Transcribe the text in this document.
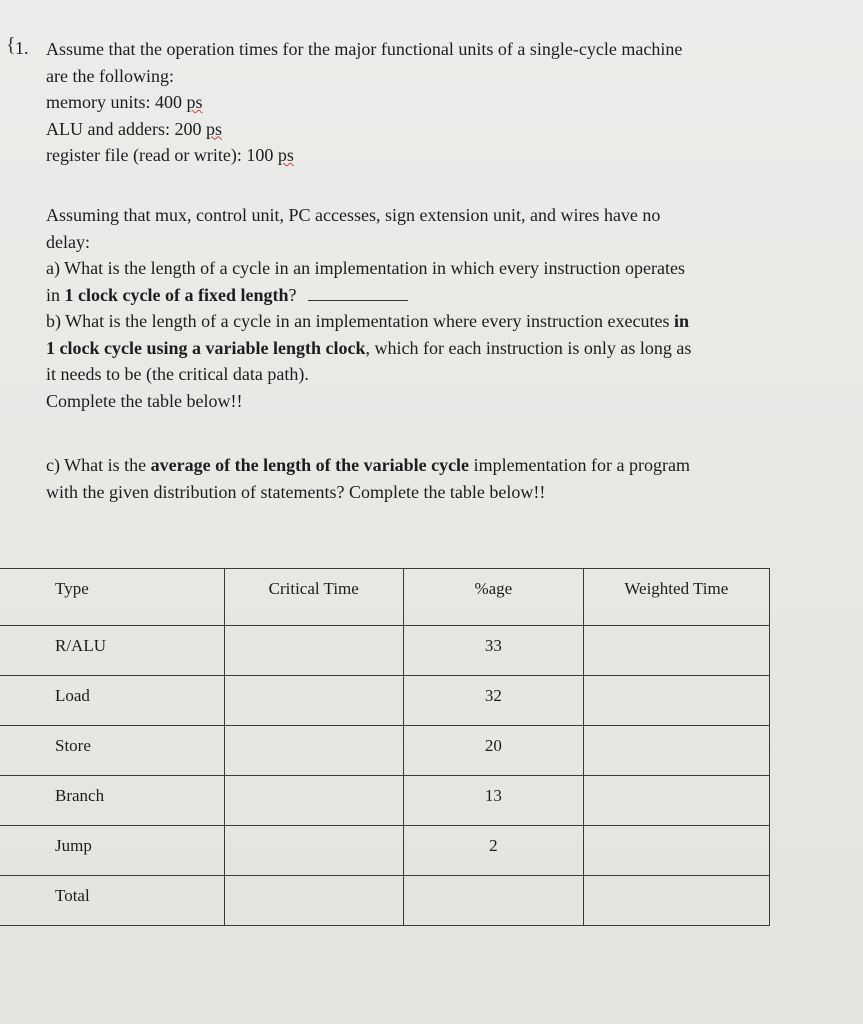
{ 1. Assume that the operation times for the major functional units of a single-cycle machine

are the following:

memory units: 400 ps

ALU and adders: 200 ps

register file (read or write): 100 ps

Assuming that mux, control unit, PC accesses, sign extension unit, and wires have no

delay:

a) What is the length of a cycle in an implementation in which every instruction operates

in 1 clock cycle of a fixed length?

b) What is the length of a cycle in an implementation where every instruction executes in

1 clock cycle using a variable length clock, which for each instruction is only as long as

it needs to be (the critical data path).

Complete the table below!!

c) What is the average of the length of the variable cycle implementation for a program

with the given distribution of statements? Complete the table below!!

Type	Critical Time	%age	Weighted Time
R/ALU		33	
Load		32	
Store		20	
Branch		13	
Jump		2	
Total			
